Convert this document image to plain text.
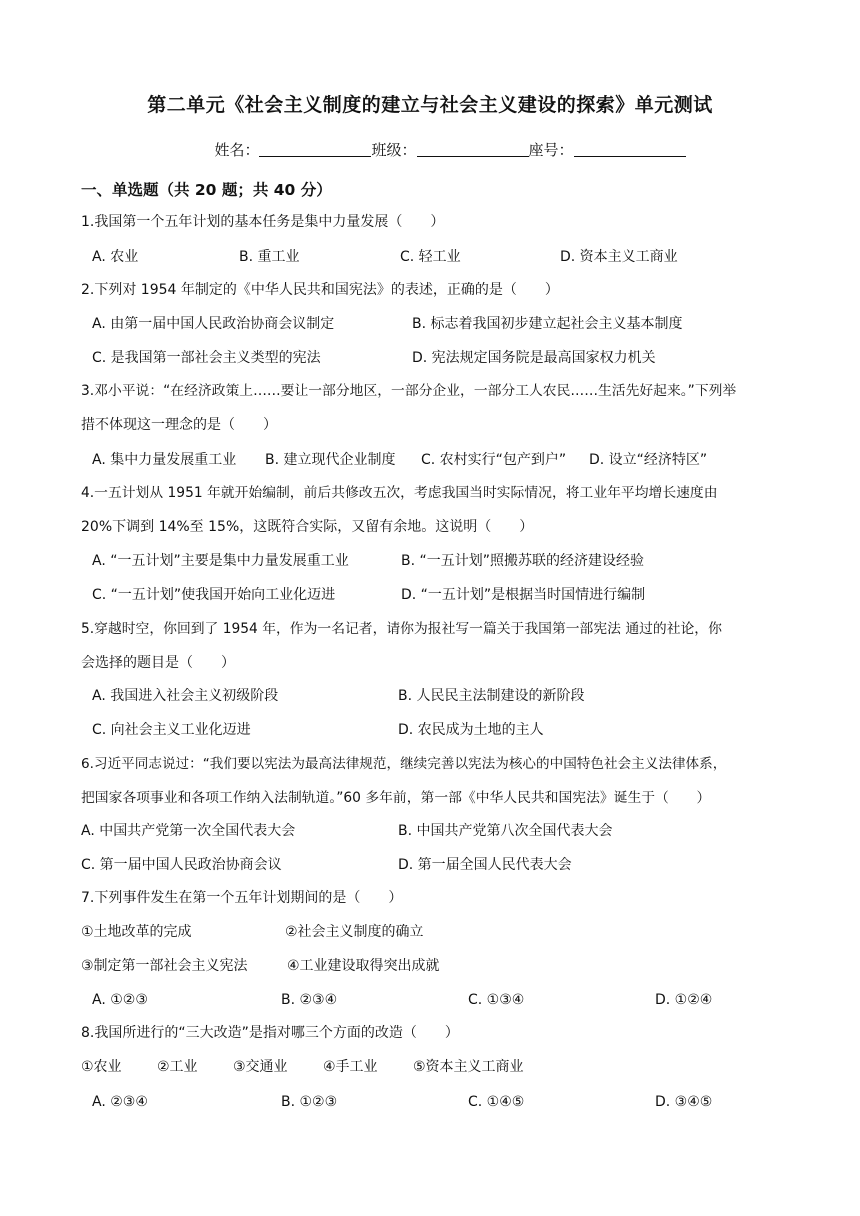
第二单元《社会主义制度的建立与社会主义建设的探索》单元测试
姓名：	班级：	座号：
一、单选题（共 20 题；共 40 分）
1.我国第一个五年计划的基本任务是集中力量发展（　　）
A. 农业	B. 重工业	C. 轻工业	D. 资本主义工商业
2.下列对 1954 年制定的《中华人民共和国宪法》的表述，正确的是（　　）
A. 由第一届中国人民政治协商会议制定	B. 标志着我国初步建立起社会主义基本制度
C. 是我国第一部社会主义类型的宪法	D. 宪法规定国务院是最高国家权力机关
3.邓小平说：“在经济政策上……要让一部分地区，一部分企业，一部分工人农民……生活先好起来。”下列举
措不体现这一理念的是（　　）
A. 集中力量发展重工业 B. 建立现代企业制度 C. 农村实行“包产到户” D. 设立“经济特区”
4.一五计划从 1951 年就开始编制，前后共修改五次，考虑我国当时实际情况，将工业年平均增长速度由
20%下调到 14%至 15%，这既符合实际，又留有余地。这说明（　　）
A. “一五计划”主要是集中力量发展重工业	B. “一五计划”照搬苏联的经济建设经验
C. “一五计划”使我国开始向工业化迈进	D. “一五计划”是根据当时国情进行编制
5.穿越时空，你回到了 1954 年，作为一名记者，请你为报社写一篇关于我国第一部宪法 通过的社论，你
会选择的题目是（　　）
A. 我国进入社会主义初级阶段	B. 人民民主法制建设的新阶段
C. 向社会主义工业化迈进	D. 农民成为土地的主人
6.习近平同志说过：“我们要以宪法为最高法律规范，继续完善以宪法为核心的中国特色社会主义法律体系，
把国家各项事业和各项工作纳入法制轨道。”60 多年前，第一部《中华人民共和国宪法》诞生于（　　）
A. 中国共产党第一次全国代表大会	B. 中国共产党第八次全国代表大会
C. 第一届中国人民政治协商会议	D. 第一届全国人民代表大会
7.下列事件发生在第一个五年计划期间的是（　　）
①土地改革的完成	②社会主义制度的确立
③制定第一部社会主义宪法	④工业建设取得突出成就
A. ①②③	B. ②③④	C. ①③④	D. ①②④
8.我国所进行的“三大改造”是指对哪三个方面的改造（　　）
①农业	②工业	③交通业	④手工业	⑤资本主义工商业
A. ②③④	B. ①②③	C. ①④⑤	D. ③④⑤
